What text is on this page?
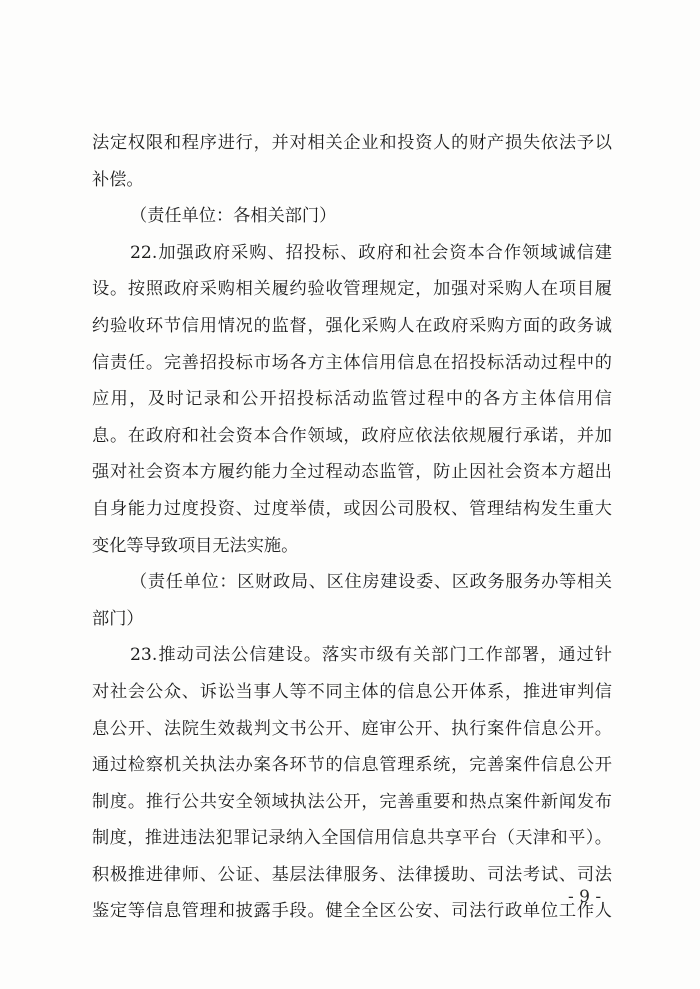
法定权限和程序进行，并对相关企业和投资人的财产损失依法予以
补偿。
（责任单位：各相关部门）
22.加强政府采购、招投标、政府和社会资本合作领域诚信建
设。按照政府采购相关履约验收管理规定，加强对采购人在项目履
约验收环节信用情况的监督，强化采购人在政府采购方面的政务诚
信责任。完善招投标市场各方主体信用信息在招投标活动过程中的
应用，及时记录和公开招投标活动监管过程中的各方主体信用信
息。在政府和社会资本合作领域，政府应依法依规履行承诺，并加
强对社会资本方履约能力全过程动态监管，防止因社会资本方超出
自身能力过度投资、过度举债，或因公司股权、管理结构发生重大
变化等导致项目无法实施。
（责任单位：区财政局、区住房建设委、区政务服务办等相关
部门）
23.推动司法公信建设。落实市级有关部门工作部署，通过针
对社会公众、诉讼当事人等不同主体的信息公开体系，推进审判信
息公开、法院生效裁判文书公开、庭审公开、执行案件信息公开。
通过检察机关执法办案各环节的信息管理系统，完善案件信息公开
制度。推行公共安全领域执法公开，完善重要和热点案件新闻发布
制度，推进违法犯罪记录纳入全国信用信息共享平台（天津和平）。
积极推进律师、公证、基层法律服务、法律援助、司法考试、司法
鉴定等信息管理和披露手段。健全全区公安、司法行政单位工作人
- 9 -
